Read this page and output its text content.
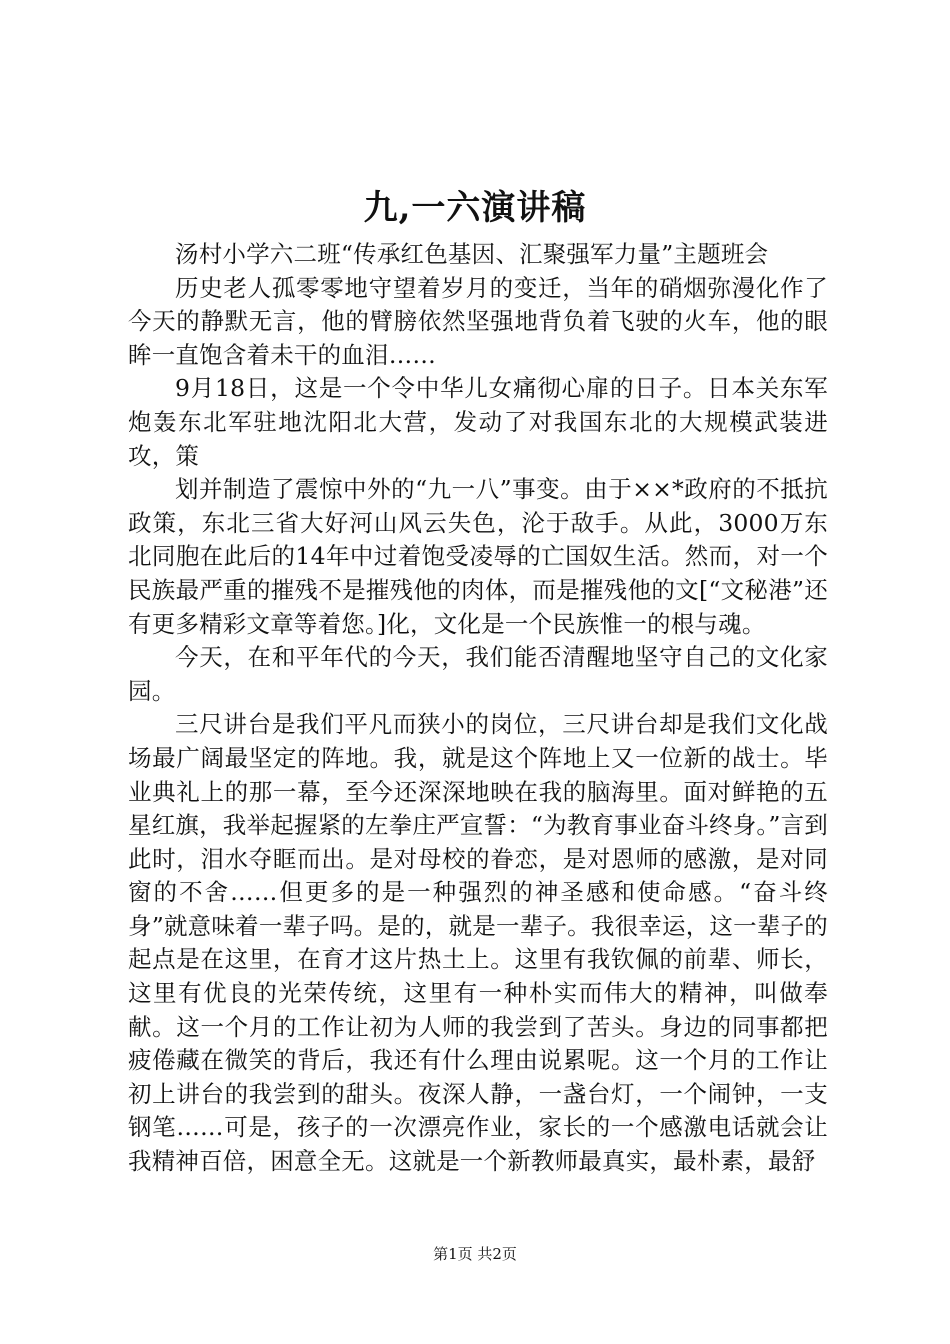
九,一六演讲稿

汤村小学六二班“传承红色基因、汇聚强军力量”主题班会

历史老人孤零零地守望着岁月的变迁，当年的硝烟弥漫化作了今天的静默无言，他的臂膀依然坚强地背负着飞驶的火车，他的眼眸一直饱含着未干的血泪……

9月18日，这是一个令中华儿女痛彻心扉的日子。日本关东军炮轰东北军驻地沈阳北大营，发动了对我国东北的大规模武装进攻，策

划并制造了震惊中外的“九一八”事变。由于××*政府的不抵抗政策，东北三省大好河山风云失色，沦于敌手。从此，3000万东北同胞在此后的14年中过着饱受凌辱的亡国奴生活。然而，对一个民族最严重的摧残不是摧残他的肉体，而是摧残他的文[“文秘港”还有更多精彩文章等着您。]化，文化是一个民族惟一的根与魂。

今天，在和平年代的今天，我们能否清醒地坚守自己的文化家园。

三尺讲台是我们平凡而狭小的岗位，三尺讲台却是我们文化战场最广阔最坚定的阵地。我，就是这个阵地上又一位新的战士。毕业典礼上的那一幕，至今还深深地映在我的脑海里。面对鲜艳的五星红旗，我举起握紧的左拳庄严宣誓：“为教育事业奋斗终身。”言到此时，泪水夺眶而出。是对母校的眷恋，是对恩师的感激，是对同窗的不舍……但更多的是一种强烈的神圣感和使命感。“奋斗终身”就意味着一辈子吗。是的，就是一辈子。我很幸运，这一辈子的起点是在这里，在育才这片热土上。这里有我钦佩的前辈、师长，这里有优良的光荣传统，这里有一种朴实而伟大的精神，叫做奉献。这一个月的工作让初为人师的我尝到了苦头。身边的同事都把疲倦藏在微笑的背后，我还有什么理由说累呢。这一个月的工作让初上讲台的我尝到的甜头。夜深人静，一盏台灯，一个闹钟，一支钢笔……可是，孩子的一次漂亮作业，家长的一个感激电话就会让我精神百倍，困意全无。这就是一个新教师最真实，最朴素，最舒

第1页 共2页
